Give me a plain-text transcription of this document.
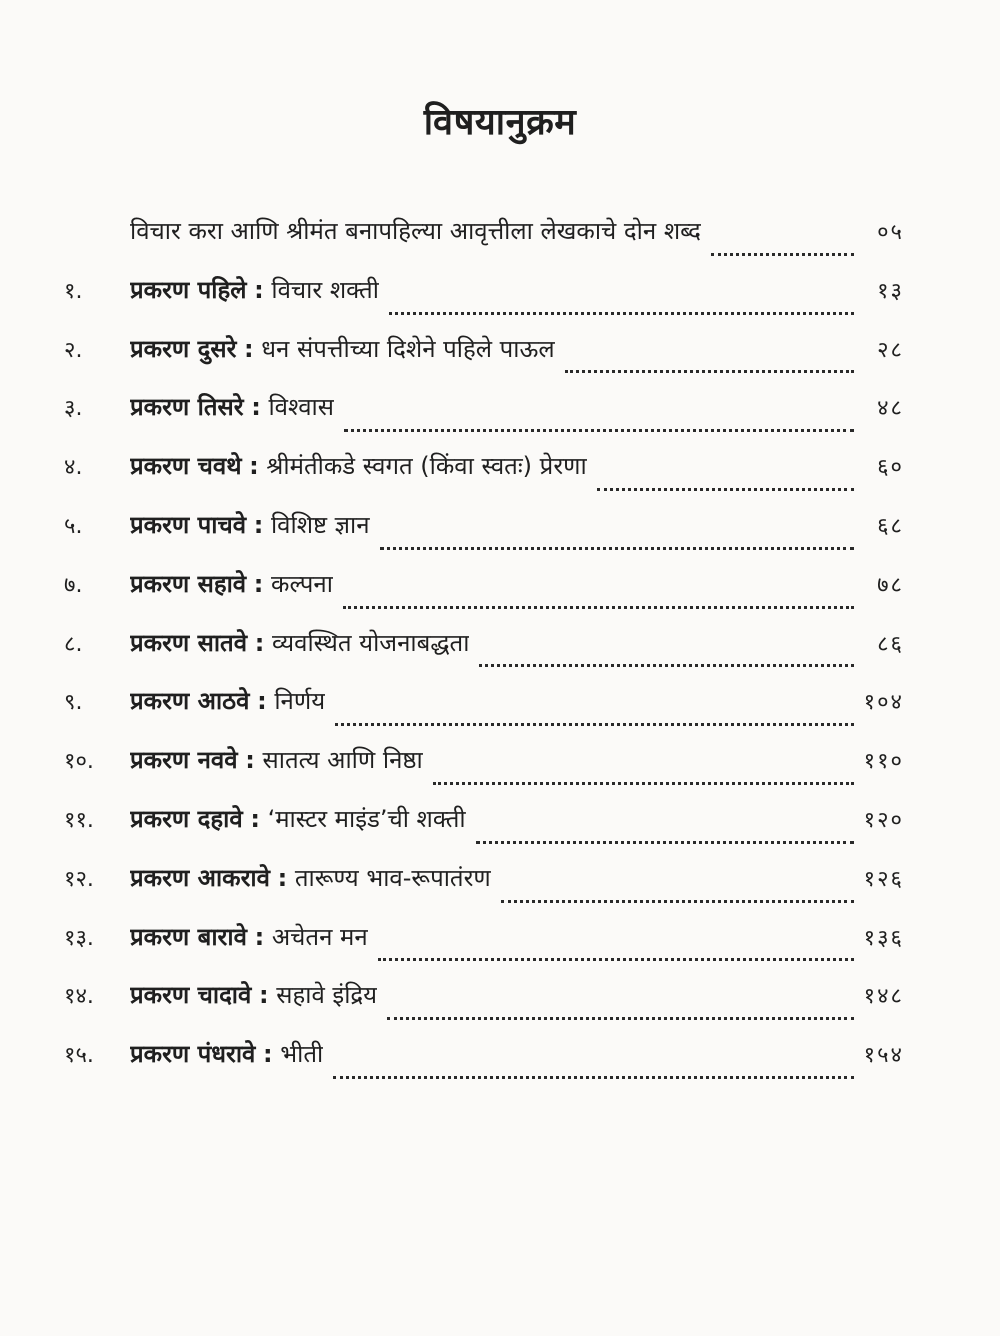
विषयानुक्रम
विचार करा आणि श्रीमंत बनापहिल्या आवृत्तीला लेखकाचे दोन शब्द	०५
१.	प्रकरण पहिले : विचार शक्ती	१३
२.	प्रकरण दुसरे : धन संपत्तीच्या दिशेने पहिले पाऊल	२८
३.	प्रकरण तिसरे : विश्वास	४८
४.	प्रकरण चवथे : श्रीमंतीकडे स्वगत (किंवा स्वतः) प्रेरणा	६०
५.	प्रकरण पाचवे : विशिष्ट ज्ञान	६८
७.	प्रकरण सहावे : कल्पना	७८
८.	प्रकरण सातवे : व्यवस्थित योजनाबद्धता	८६
९.	प्रकरण आठवे : निर्णय	१०४
१०.	प्रकरण नववे : सातत्य आणि निष्ठा	११०
११.	प्रकरण दहावे : ‘मास्टर माइंड’ची शक्ती	१२०
१२.	प्रकरण आकरावे : तारूण्य भाव-रूपातंरण	१२६
१३.	प्रकरण बारावे : अचेतन मन	१३६
१४.	प्रकरण चादावे : सहावे इंद्रिय	१४८
१५.	प्रकरण पंधरावे : भीती	१५४
